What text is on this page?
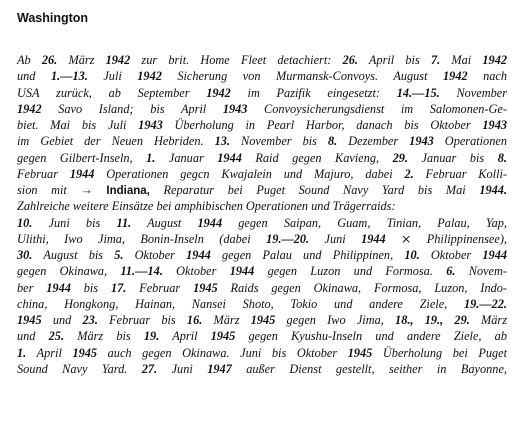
Washington
Ab 26. März 1942 zur brit. Home Fleet detachiert: 26. April bis 7. Mai 1942
und 1.—13. Juli 1942 Sicherung von Murmansk-Convoys. August 1942 nach
USA zurück, ab September 1942 im Pazifik eingesetzt: 14.—15. November
1942 Savo Island; bis April 1943 Convoysicherungsdienst im Salomonen-Ge-
biet. Mai bis Juli 1943 Überholung in Pearl Harbor, danach bis Oktober 1943
im Gebiet der Neuen Hebriden. 13. November bis 8. Dezember 1943 Operationen
gegen Gilbert-Inseln, 1. Januar 1944 Raid gegen Kavieng, 29. Januar bis 8.
Februar 1944 Operationen gegcn Kwajalein und Majuro, dabei 2. Februar Kolli-
sion mit → Indiana, Reparatur bei Puget Sound Navy Yard bis Mai 1944.
Zahlreiche weitere Einsätze bei amphibischen Operationen und Trägerraids:
10. Juni bis 11. August 1944 gegen Saipan, Guam, Tinian, Palau, Yap,
Ulithi, Iwo Jima, Bonin-Inseln (dabei 19.—20. Juni 1944 ⨯ Philippinensee),
30. August bis 5. Oktober 1944 gegen Palau und Philippinen, 10. Oktober 1944
gegen Okinawa, 11.—14. Oktober 1944 gegen Luzon und Formosa. 6. Novem-
ber 1944 bis 17. Februar 1945 Raids gegen Okinawa, Formosa, Luzon, Indo-
china, Hongkong, Hainan, Nansei Shoto, Tokio und andere Ziele, 19.—22.
1945 und 23. Februar bis 16. März 1945 gegen Iwo Jima, 18., 19., 29. März
und 25. März bis 19. April 1945 gegen Kyushu-Inseln und andere Ziele, ab
1. April 1945 auch gegen Okinawa. Juni bis Oktober 1945 Überholung bei Puget
Sound Navy Yard. 27. Juni 1947 außer Dienst gestellt, seither in Bayonne,
